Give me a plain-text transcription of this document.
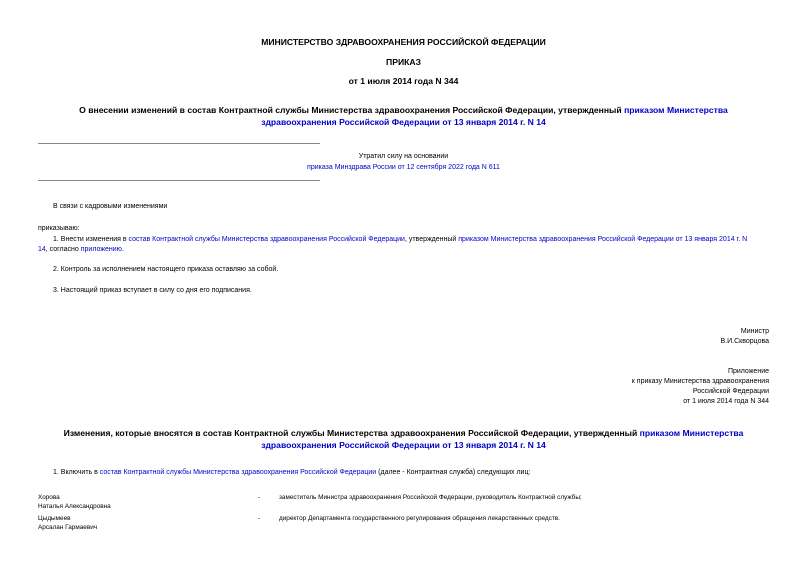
МИНИСТЕРСТВО ЗДРАВООХРАНЕНИЯ РОССИЙСКОЙ ФЕДЕРАЦИИ
ПРИКАЗ
от 1 июля 2014 года N 344
О внесении изменений в состав Контрактной службы Министерства здравоохранения Российской Федерации, утвержденный приказом Министерства
здравоохранения Российской Федерации от 13 января 2014 г. N 14
Утратил силу на основании
приказа Минздрава России от 12 сентября 2022 года N 611
В связи с кадровыми изменениями
приказываю:
1. Внести изменения в состав Контрактной службы Министерства здравоохранения Российской Федерации, утвержденный приказом Министерства здравоохранения Российской Федерации от 13 января 2014 г. N
14, согласно приложению.
2. Контроль за исполнением настоящего приказа оставляю за собой.
3. Настоящий приказ вступает в силу со дня его подписания.
Министр
В.И.Скворцова
Приложение
к приказу Министерства здравоохранения
Российской Федерации
от 1 июля 2014 года N 344
Изменения, которые вносятся в состав Контрактной службы Министерства здравоохранения Российской Федерации, утвержденный приказом Министерства
здравоохранения Российской Федерации от 13 января 2014 г. N 14
1. Включить в состав Контрактной службы Министерства здравоохранения Российской Федерации (далее - Контрактная служба) следующих лиц:
Хорова
Наталья Александровна
-	заместитель Министра здравоохранения Российской Федерации, руководитель Контрактной службы;
Цыдымеев
Арсалан Гармаевич
-	директор Департамента государственного регулирования обращения лекарственных средств.
